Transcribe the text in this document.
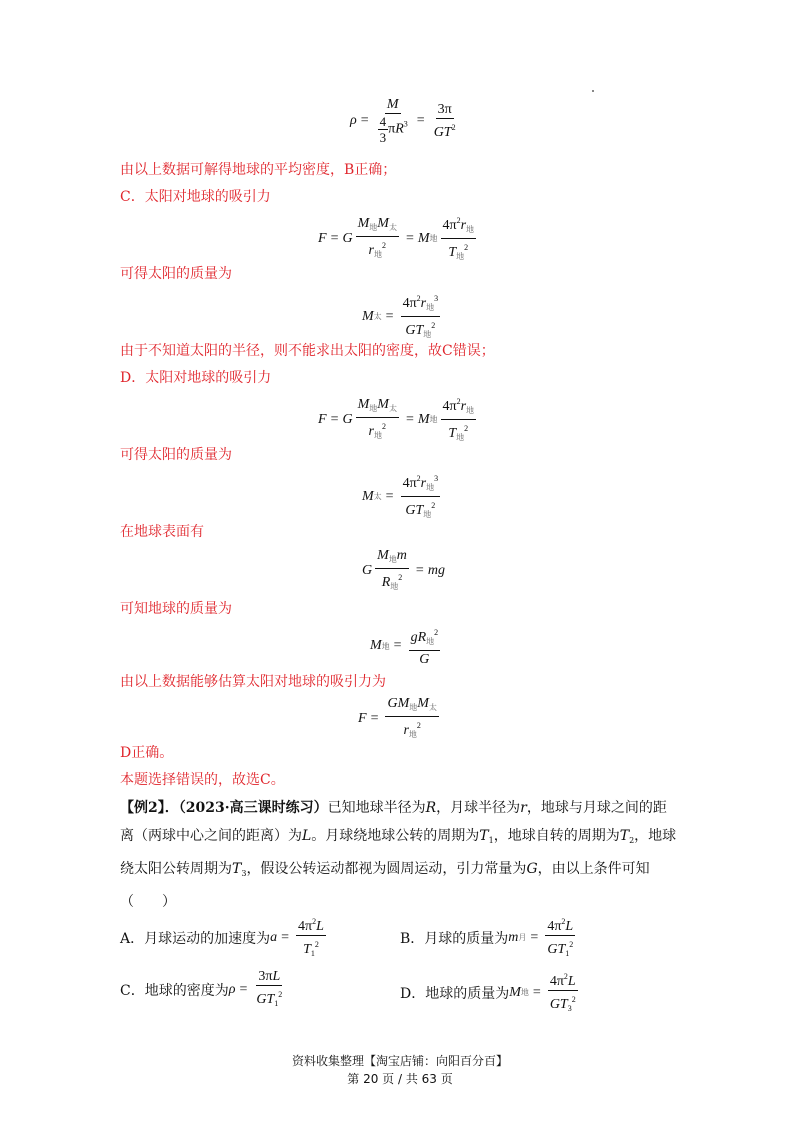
$\rho = \frac{M}{\frac{4}{3} \pi R^3} = \frac{3\pi}{GT^2}$
由以上数据可解得地球的平均密度，B正确；
C．太阳对地球的吸引力
F = G $\frac{M_地M_太}{r_地^2} = M$ 地 $\frac{4\pi^2r_地}{T_地^2}$
可得太阳的质量为
M 太 = $\frac{4\pi^2r_地^3}{GT_地^2}$
由于不知道太阳的半径，则不能求出太阳的密度，故C错误；
D．太阳对地球的吸引力
F = G $\frac{M_地M_太}{r_地^2} = M$ 地 $\frac{4\pi^2r_地}{T_地^2}$
可得太阳的质量为
M 太 = $\frac{4\pi^2r_地^3}{GT_地^2}$
在地球表面有
G $\frac{M_地m}{R_地^2}$ = mg
可知地球的质量为
M 地 = $\frac{gR_地^2}{G}$
由以上数据能够估算太阳对地球的吸引力为
$F = \frac{GM_地M_太}{r_地^2}$
D正确。
本题选择错误的，故选C。
【例2】．（2023·高三课时练习）已知地球半径为R，月球半径为r，地球与月球之间的距离（两球中心之间的距离）为L。月球绕地球公转的周期为$T_1$，地球自转的周期为$T_2$，地球绕太阳公转周期为$T_3$，假设公转运动都视为圆周运动，引力常量为G，由以上条件可知（　　）
A．月球运动的加速度为 $a = \frac{4\pi^2L}{T_1^2}$	B．月球的质量为 m 月 = $\frac{4\pi^2L}{GT_1^2}$
C．地球的密度为 $\rho = \frac{3\pi L}{GT_1^2}$	D．地球的质量为 M 地 = $\frac{4\pi^2L}{GT_3^2}$
资料收集整理【淘宝店铺：向阳百分百】
第 20 页 / 共 63 页
